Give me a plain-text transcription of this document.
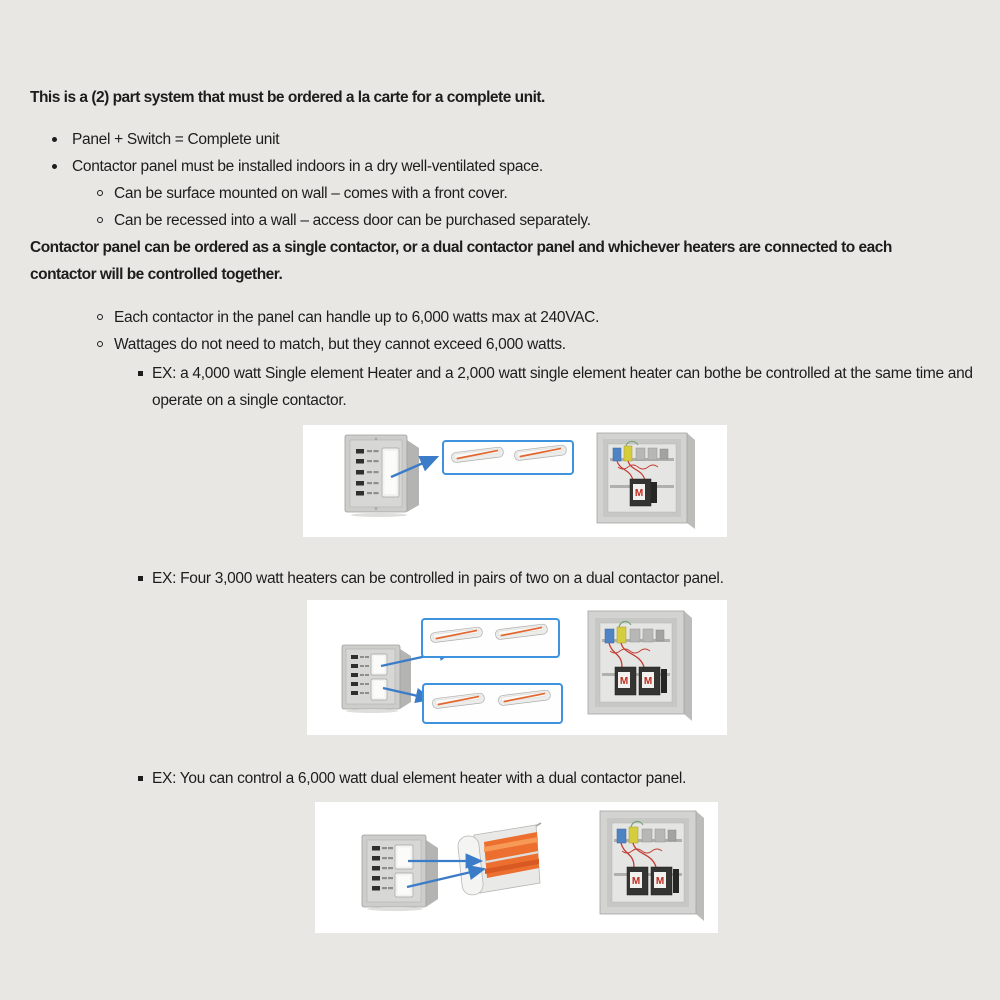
This is a (2) part system that must be ordered a la carte for a complete unit.
Panel + Switch = Complete unit
Contactor panel must be installed indoors in a dry well-ventilated space.
Can be surface mounted on wall – comes with a front cover.
Can be recessed into a wall – access door can be purchased separately.
Contactor panel can be ordered as a single contactor, or a dual contactor panel and whichever heaters are connected to each contactor will be controlled together.
Each contactor in the panel can handle up to 6,000 watts max at 240VAC.
Wattages do not need to match, but they cannot exceed 6,000 watts.
EX: a 4,000 watt Single element Heater and a 2,000 watt single element heater can bothe be controlled at the same time and operate on a single contactor.
M
EX: Four 3,000 watt heaters can be controlled in pairs of two on a dual contactor panel.
M M
EX: You can control a 6,000 watt dual element heater with a dual contactor panel.
M M
